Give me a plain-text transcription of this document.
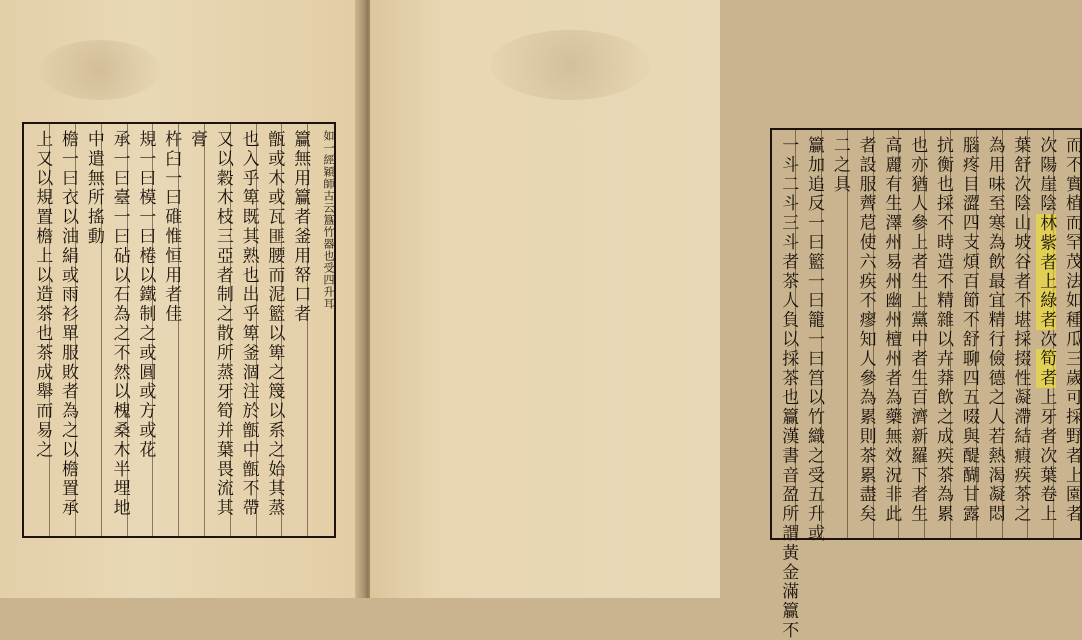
如一經穎師古云簋竹器也受四升耳
籯無用籯者釜用帑口者
甑或木或瓦匪腰而泥籃以箄之篾以系之始其蒸
也入乎箄既其熟也出乎箄釜涸注於甑中甑不帶
又以穀木枝三亞者制之散所蒸牙筍并葉畏流其
膏
杵臼一曰碓惟恒用者佳
規一曰模一曰棬以鐵制之或圓或方或花
承一曰臺一曰砧以石為之不然以槐桑木半埋地
中遣無所搖動
檐一曰衣以油絹或雨衫單服敗者為之以檐置承
上又以規置檐上以造茶也茶成舉而易之	而不實植而罕茂法如種瓜三歲可採野者上園者
次陽崖陰林紫者上綠者次筍者上牙者次葉卷上
葉舒次陰山坡谷者不堪採掇性凝滯結瘕疾茶之
為用味至寒為飲最宜精行儉德之人若熱渴凝悶
腦疼目澀四支煩百節不舒聊四五啜與醍醐甘露
抗衡也採不時造不精雜以卉莽飲之成疾茶為累
也亦猶人參上者生上黨中者生百濟新羅下者生
高麗有生澤州易州幽州檀州者為藥無效況非此
者設服薺苨使六疾不瘳知人參為累則茶累盡矣
二之具
籯加追反一曰籃一曰籠一曰筥以竹織之受五升或
一斗二斗三斗者茶人負以採茶也籯漢書音盈所謂黃金滿籯不
